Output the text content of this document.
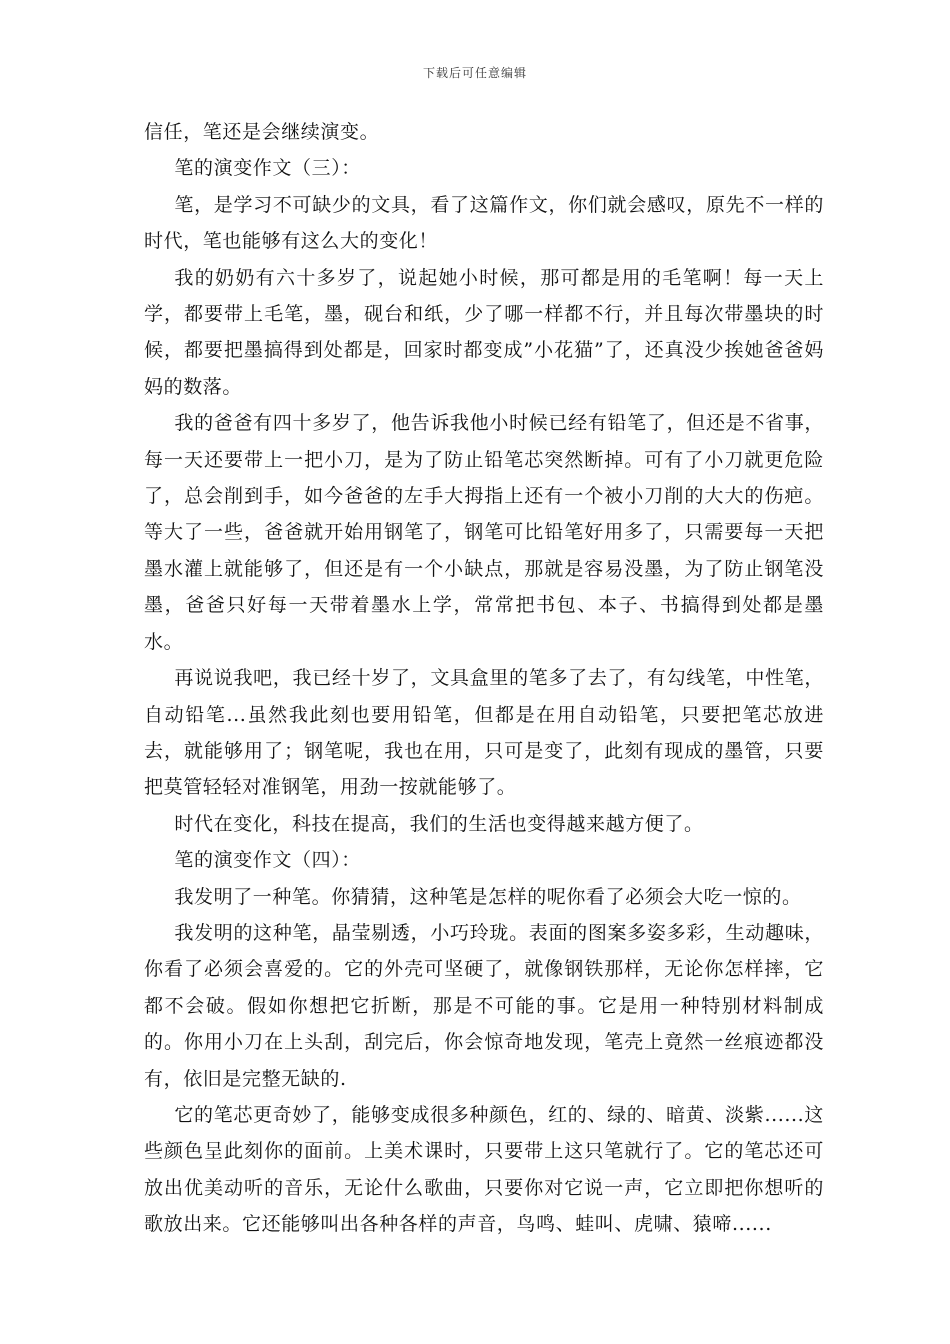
下载后可任意编辑

信任，笔还是会继续演变。

笔的演变作文（三）：

笔，是学习不可缺少的文具，看了这篇作文，你们就会感叹，原先不一样的时代，笔也能够有这么大的变化！

我的奶奶有六十多岁了，说起她小时候，那可都是用的毛笔啊！每一天上学，都要带上毛笔，墨，砚台和纸，少了哪一样都不行，并且每次带墨块的时候，都要把墨搞得到处都是，回家时都变成”小花猫”了，还真没少挨她爸爸妈妈的数落。

我的爸爸有四十多岁了，他告诉我他小时候已经有铅笔了，但还是不省事，每一天还要带上一把小刀，是为了防止铅笔芯突然断掉。可有了小刀就更危险了，总会削到手，如今爸爸的左手大拇指上还有一个被小刀削的大大的伤疤。等大了一些，爸爸就开始用钢笔了，钢笔可比铅笔好用多了，只需要每一天把墨水灌上就能够了，但还是有一个小缺点，那就是容易没墨，为了防止钢笔没墨，爸爸只好每一天带着墨水上学，常常把书包、本子、书搞得到处都是墨水。

再说说我吧，我已经十岁了，文具盒里的笔多了去了，有勾线笔，中性笔，自动铅笔...虽然我此刻也要用铅笔，但都是在用自动铅笔，只要把笔芯放进去，就能够用了；钢笔呢，我也在用，只可是变了，此刻有现成的墨管，只要把莫管轻轻对准钢笔，用劲一按就能够了。

时代在变化，科技在提高，我们的生活也变得越来越方便了。

笔的演变作文（四）：

我发明了一种笔。你猜猜，这种笔是怎样的呢你看了必须会大吃一惊的。

我发明的这种笔，晶莹剔透，小巧玲珑。表面的图案多姿多彩，生动趣味，你看了必须会喜爱的。它的外壳可坚硬了，就像钢铁那样，无论你怎样摔，它都不会破。假如你想把它折断，那是不可能的事。它是用一种特别材料制成的。你用小刀在上头刮，刮完后，你会惊奇地发现，笔壳上竟然一丝痕迹都没有，依旧是完整无缺的.

它的笔芯更奇妙了，能够变成很多种颜色，红的、绿的、暗黄、淡紫......这些颜色呈此刻你的面前。上美术课时，只要带上这只笔就行了。它的笔芯还可放出优美动听的音乐，无论什么歌曲，只要你对它说一声，它立即把你想听的歌放出来。它还能够叫出各种各样的声音，鸟鸣、蛙叫、虎啸、猿啼......
